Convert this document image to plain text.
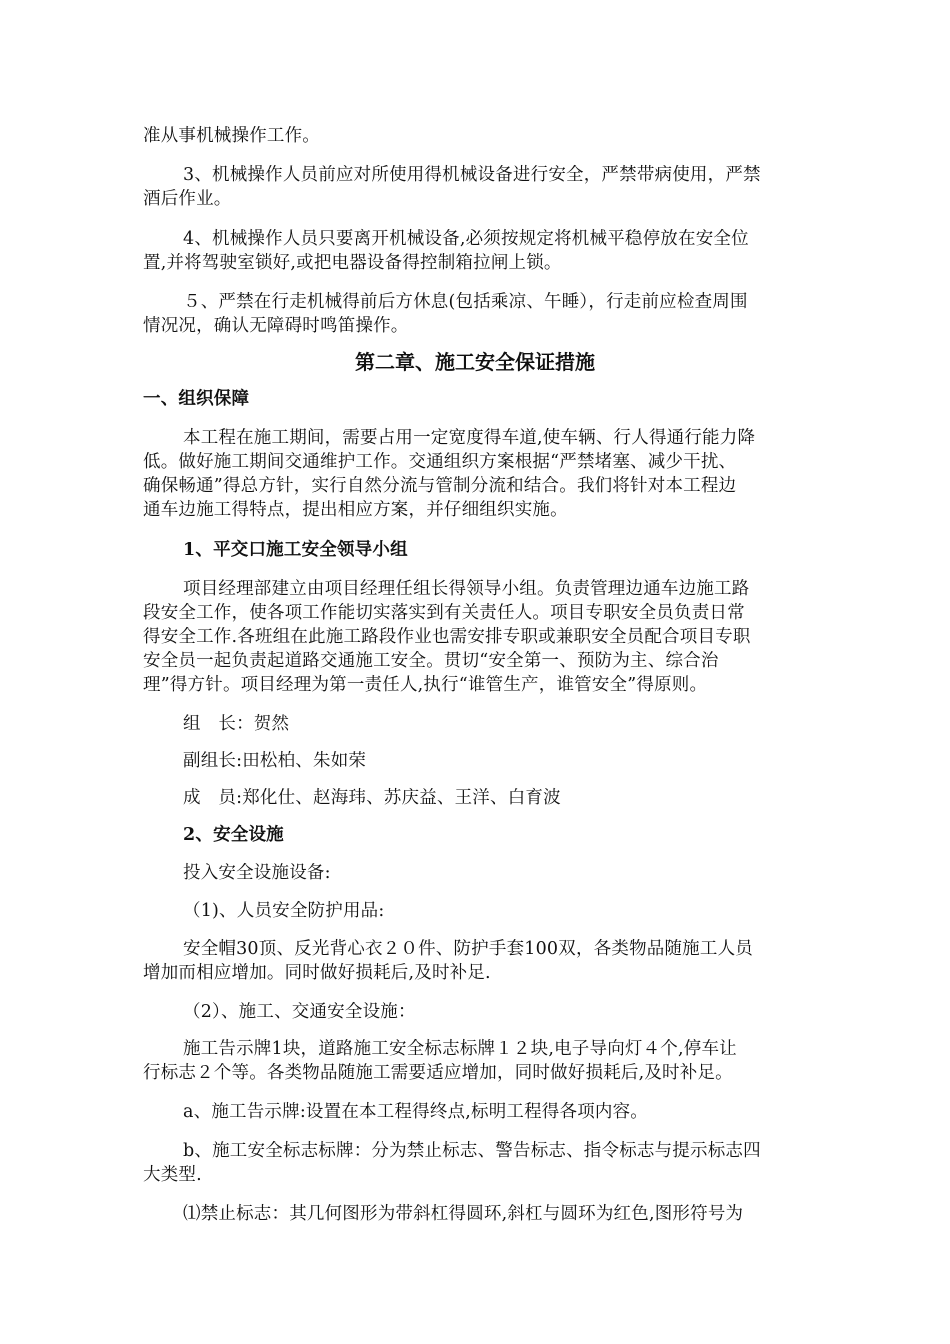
准从事机械操作工作。
3、机械操作人员前应对所使用得机械设备进行安全，严禁带病使用，严禁
酒后作业。
4、机械操作人员只要离开机械设备,必须按规定将机械平稳停放在安全位
置,并将驾驶室锁好,或把电器设备得控制箱拉闸上锁。
５、严禁在行走机械得前后方休息(包括乘凉、午睡），行走前应检查周围
情况况，确认无障碍时鸣笛操作。
第二章、施工安全保证措施
一、组织保障
本工程在施工期间，需要占用一定宽度得车道,使车辆、行人得通行能力降
低。做好施工期间交通维护工作。交通组织方案根据“严禁堵塞、减少干扰、
确保畅通”得总方针，实行自然分流与管制分流和结合。我们将针对本工程边
通车边施工得特点，提出相应方案，并仔细组织实施。
1、平交口施工安全领导小组
项目经理部建立由项目经理任组长得领导小组。负责管理边通车边施工路
段安全工作，使各项工作能切实落实到有关责任人。项目专职安全员负责日常
得安全工作.各班组在此施工路段作业也需安排专职或兼职安全员配合项目专职
安全员一起负责起道路交通施工安全。贯切“安全第一、预防为主、综合治
理”得方针。项目经理为第一责任人,执行“谁管生产，谁管安全”得原则。
组　长：贺然
副组长:田松柏、朱如荣
成　员:郑化仕、赵海玮、苏庆益、王洋、白育波
2、安全设施
投入安全设施设备:
（1)、人员安全防护用品:
安全帽30顶、反光背心衣２０件、防护手套100双，各类物品随施工人员
增加而相应增加。同时做好损耗后,及时补足.
（2）、施工、交通安全设施：
施工告示牌1块，道路施工安全标志标牌１２块,电子导向灯４个,停车让
行标志２个等。各类物品随施工需要适应增加，同时做好损耗后,及时补足。
a、施工告示牌:设置在本工程得终点,标明工程得各项内容。
b、施工安全标志标牌：分为禁止标志、警告标志、指令标志与提示标志四
大类型.
⑴禁止标志：其几何图形为带斜杠得圆环,斜杠与圆环为红色,图形符号为
